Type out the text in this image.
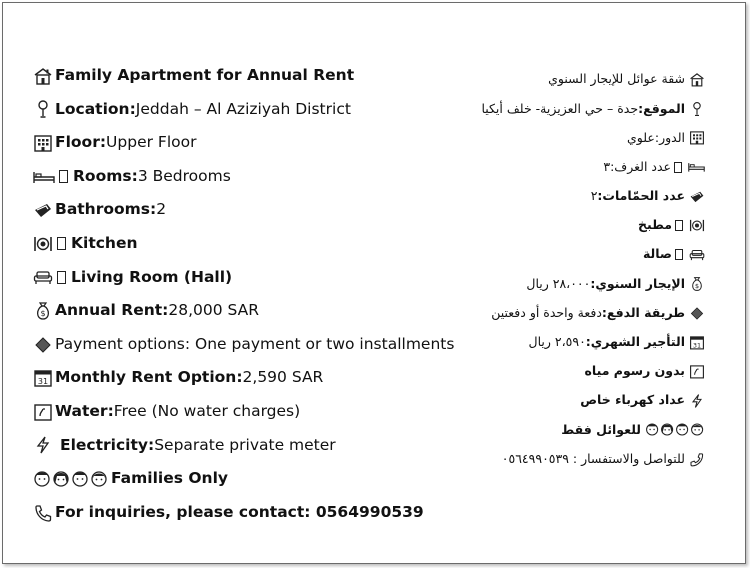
Family Apartment for Annual Rent
Location: Jeddah – Al Aziziyah District
Floor: Upper Floor
Rooms: 3 Bedrooms
Bathrooms: 2
Kitchen
Living Room (Hall)
$ Annual Rent: 28,000 SAR
Payment options: One payment or two installments
31 Monthly Rent Option: 2,590 SAR
Water: Free (No water charges)
Electricity: Separate private meter
Families Only
For inquiries, please contact: 0564990539
شقة عوائل للإيجار السنوي
الموقع:
جدة – حي العزيزية- خلف أيكيا
الدور:
علوي
عدد الغرف:
٣
عدد الحمّامات:
٢
مطبخ
صالة
$
الإيجار السنوي:
٢٨،٠٠٠ ريال
طريقة الدفع:
دفعة واحدة أو دفعتين
31
التأجير الشهري:
٢،٥٩٠ ريال
بدون رسوم مياه
عداد كهرباء خاص
للعوائل فقط
للتواصل والاستفسار : ٠٥٦٤٩٩٠٥٣٩
